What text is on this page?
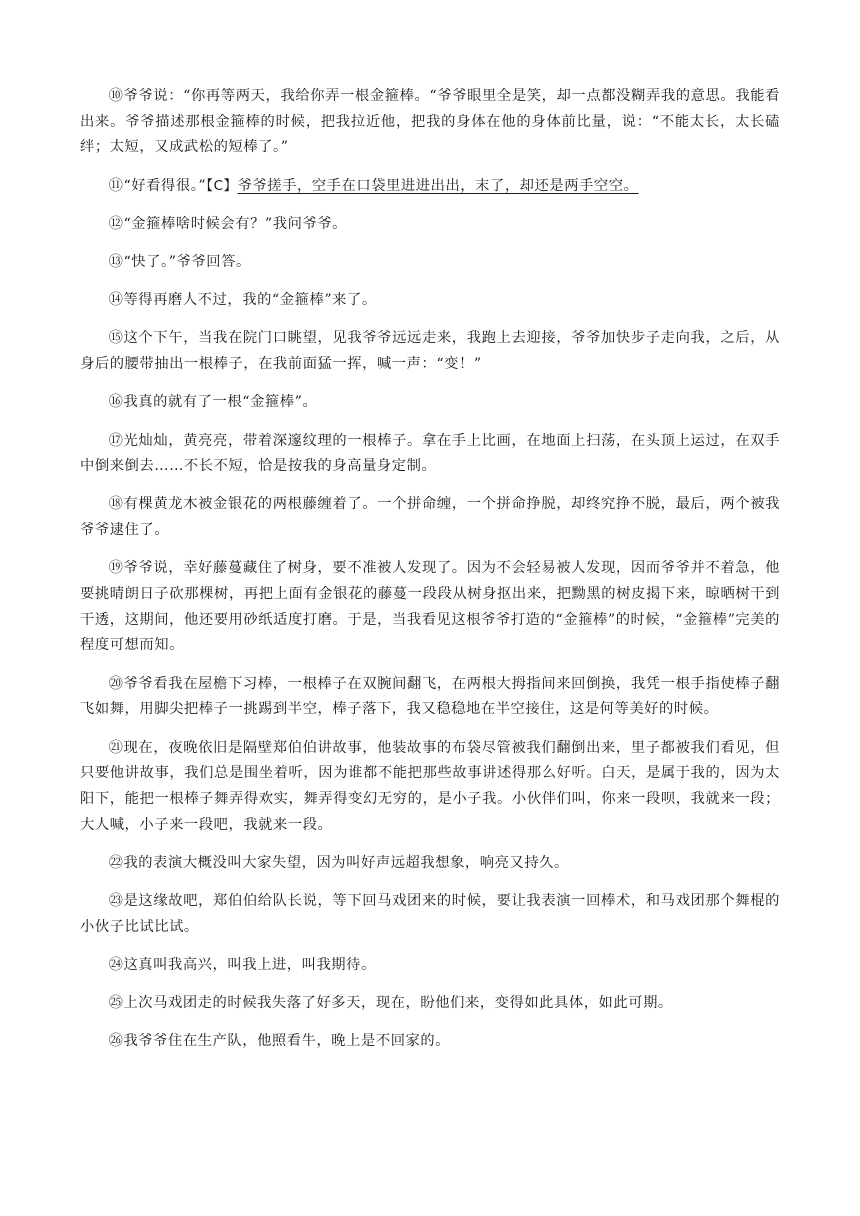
⑩爷爷说：“你再等两天，我给你弄一根金箍棒。“爷爷眼里全是笑，却一点都没糊弄我的意思。我能看出来。爷爷描述那根金箍棒的时候，把我拉近他，把我的身体在他的身体前比量，说：“不能太长，太长磕绊；太短，又成武松的短棒了。”

⑪“好看得很。”【C】爷爷搓手，空手在口袋里进进出出，末了，却还是两手空空。

⑫“金箍棒啥时候会有？”我问爷爷。

⑬“快了。”爷爷回答。

⑭等得再磨人不过，我的“金箍棒”来了。

⑮这个下午，当我在院门口眺望，见我爷爷远远走来，我跑上去迎接，爷爷加快步子走向我，之后，从身后的腰带抽出一根棒子，在我前面猛一挥，喊一声：“变！”

⑯我真的就有了一根“金箍棒”。

⑰光灿灿，黄亮亮，带着深邃纹理的一根棒子。拿在手上比画，在地面上扫荡，在头顶上运过，在双手中倒来倒去……不长不短，恰是按我的身高量身定制。

⑱有棵黄龙木被金银花的两根藤缠着了。一个拼命缠，一个拼命挣脱，却终究挣不脱，最后，两个被我爷爷逮住了。

⑲爷爷说，幸好藤蔓藏住了树身，要不准被人发现了。因为不会轻易被人发现，因而爷爷并不着急，他要挑晴朗日子砍那棵树，再把上面有金银花的藤蔓一段段从树身抠出来，把黝黑的树皮揭下来，晾晒树干到干透，这期间，他还要用砂纸适度打磨。于是，当我看见这根爷爷打造的“金箍棒”的时候，“金箍棒”完美的程度可想而知。

⑳爷爷看我在屋檐下习棒，一根棒子在双腕间翻飞，在两根大拇指间来回倒换，我凭一根手指使棒子翻飞如舞，用脚尖把棒子一挑踢到半空，棒子落下，我又稳稳地在半空接住，这是何等美好的时候。

㉑现在，夜晚依旧是隔壁郑伯伯讲故事，他装故事的布袋尽管被我们翻倒出来，里子都被我们看见，但只要他讲故事，我们总是围坐着听，因为谁都不能把那些故事讲述得那么好听。白天，是属于我的，因为太阳下，能把一根棒子舞弄得欢实，舞弄得变幻无穷的，是小子我。小伙伴们叫，你来一段呗，我就来一段；大人喊，小子来一段吧，我就来一段。

㉒我的表演大概没叫大家失望，因为叫好声远超我想象，响亮又持久。

㉓是这缘故吧，郑伯伯给队长说，等下回马戏团来的时候，要让我表演一回棒术，和马戏团那个舞棍的小伙子比试比试。

㉔这真叫我高兴，叫我上进，叫我期待。

㉕上次马戏团走的时候我失落了好多天，现在，盼他们来，变得如此具体，如此可期。

㉖我爷爷住在生产队，他照看牛，晚上是不回家的。
